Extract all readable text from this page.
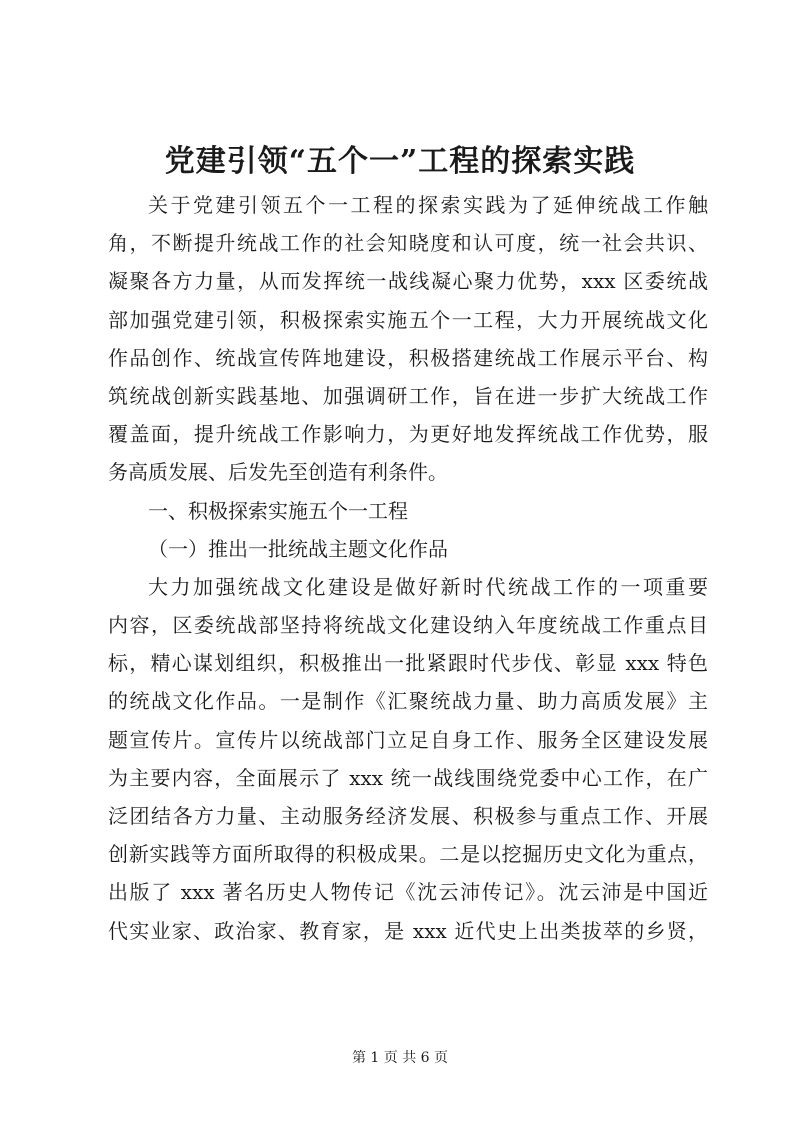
党建引领“五个一”工程的探索实践
关于党建引领五个一工程的探索实践为了延伸统战工作触
角，不断提升统战工作的社会知晓度和认可度，统一社会共识、
凝聚各方力量，从而发挥统一战线凝心聚力优势，xxx 区委统战
部加强党建引领，积极探索实施五个一工程，大力开展统战文化
作品创作、统战宣传阵地建设，积极搭建统战工作展示平台、构
筑统战创新实践基地、加强调研工作，旨在进一步扩大统战工作
覆盖面，提升统战工作影响力，为更好地发挥统战工作优势，服
务高质发展、后发先至创造有利条件。
一、积极探索实施五个一工程
（一）推出一批统战主题文化作品
大力加强统战文化建设是做好新时代统战工作的一项重要
内容，区委统战部坚持将统战文化建设纳入年度统战工作重点目
标，精心谋划组织，积极推出一批紧跟时代步伐、彰显 xxx 特色
的统战文化作品。一是制作《汇聚统战力量、助力高质发展》主
题宣传片。宣传片以统战部门立足自身工作、服务全区建设发展
为主要内容，全面展示了 xxx 统一战线围绕党委中心工作，在广
泛团结各方力量、主动服务经济发展、积极参与重点工作、开展
创新实践等方面所取得的积极成果。二是以挖掘历史文化为重点，
出版了 xxx 著名历史人物传记《沈云沛传记》。沈云沛是中国近
代实业家、政治家、教育家，是 xxx 近代史上出类拔萃的乡贤，
第 1 页 共 6 页
